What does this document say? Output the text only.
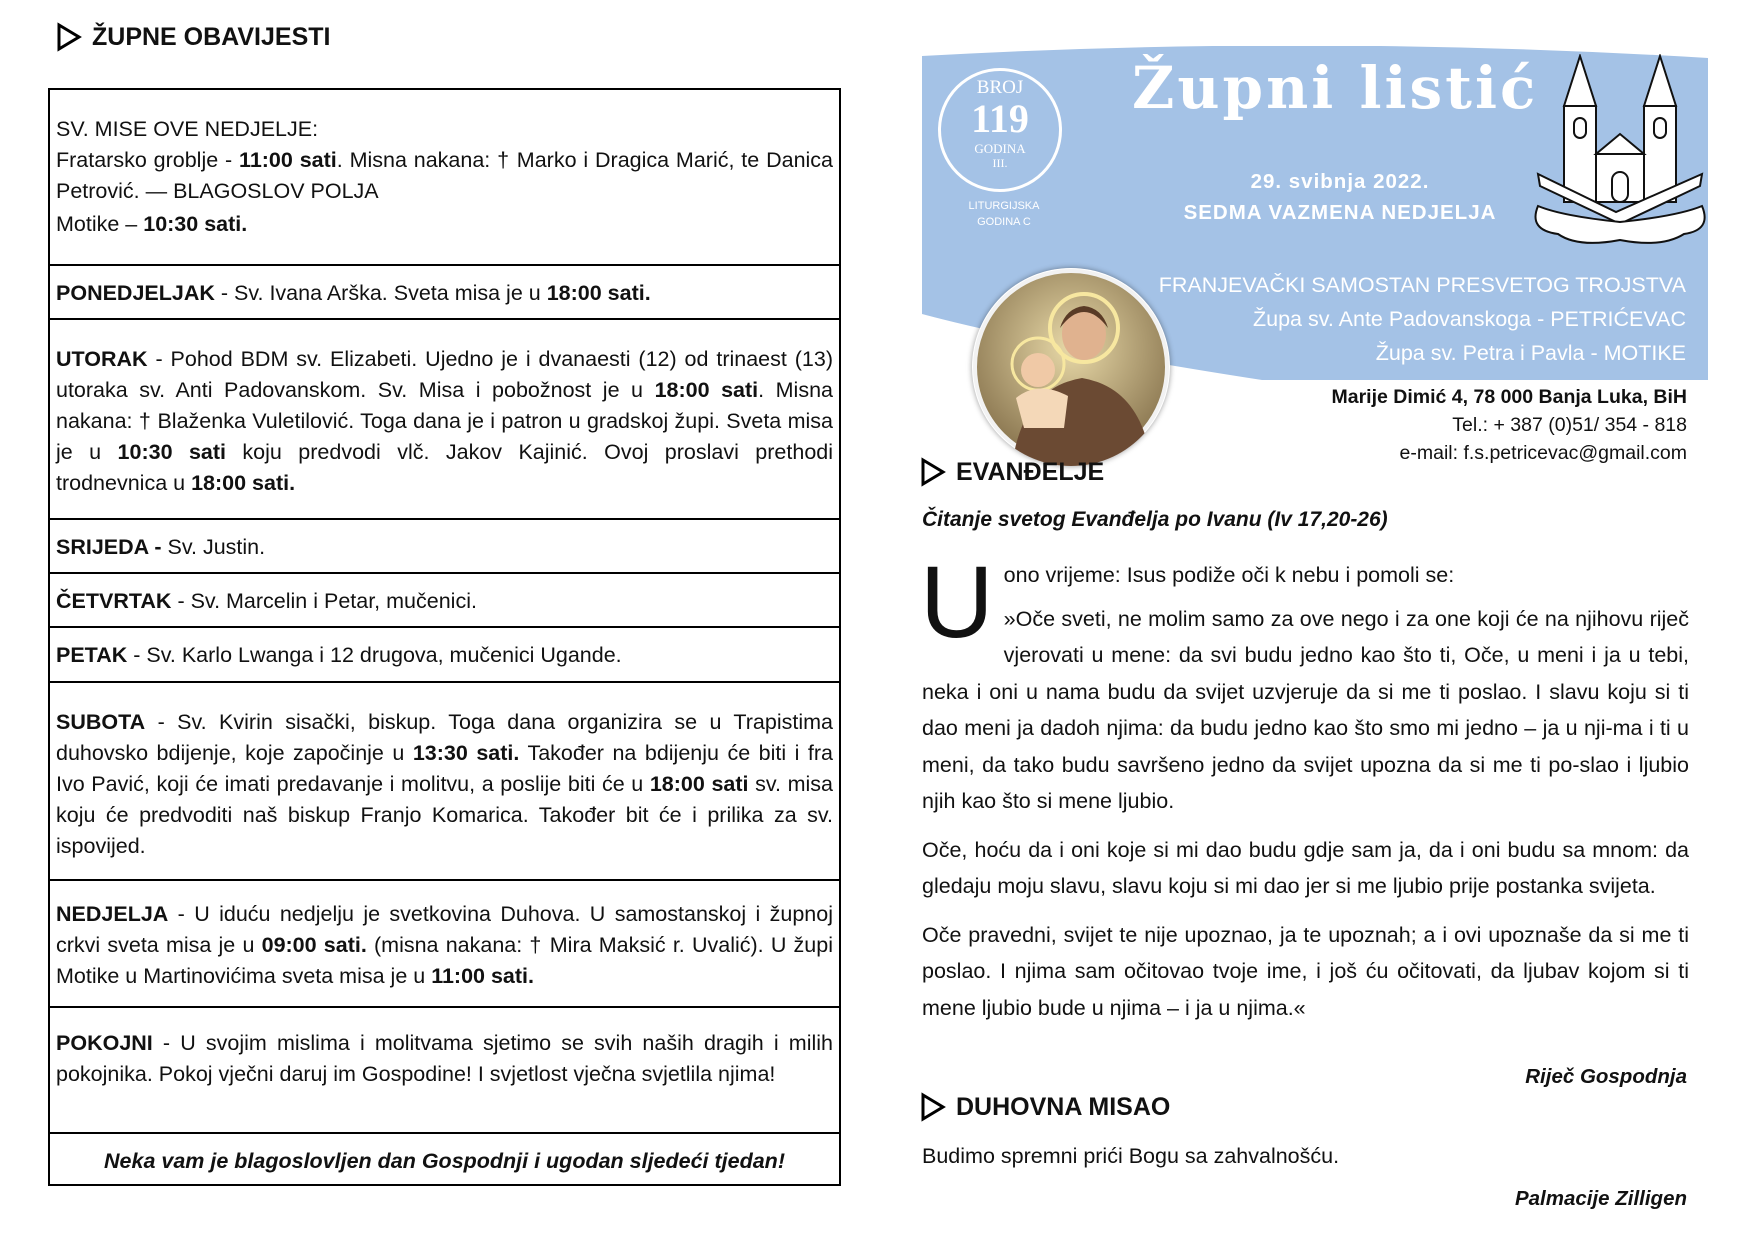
ŽUPNE OBAVIJESTI
SV. MISE OVE NEDJELJE:
Fratarsko groblje - 11:00 sati. Misna nakana: † Marko i Dragica Marić, te Danica Petrović. — BLAGOSLOV POLJA
Motike – 10:30 sati.
PONEDJELJAK - Sv. Ivana Arška. Sveta misa je u 18:00 sati.
UTORAK - Pohod BDM sv. Elizabeti. Ujedno je i dvanaesti (12) od trinaest (13) utoraka sv. Anti Padovanskom. Sv. Misa i pobožnost je u 18:00 sati. Misna nakana: † Blaženka Vuletilović. Toga dana je i patron u gradskoj župi. Sveta misa je u 10:30 sati koju predvodi vlč. Jakov Kajinić. Ovoj proslavi prethodi trodnevnica u 18:00 sati.
SRIJEDA - Sv. Justin.
ČETVRTAK - Sv. Marcelin i Petar, mučenici.
PETAK - Sv. Karlo Lwanga i 12 drugova, mučenici Ugande.
SUBOTA - Sv. Kvirin sisački, biskup. Toga dana organizira se u Trapistima duhovsko bdijenje, koje započinje u 13:30 sati. Također na bdijenju će biti i fra Ivo Pavić, koji će imati predavanje i molitvu, a poslije biti će u 18:00 sati sv. misa koju će predvoditi naš biskup Franjo Komarica. Također bit će i prilika za sv. ispovijed.
NEDJELJA - U iduću nedjelju je svetkovina Duhova. U samostanskoj i župnoj crkvi sveta misa je u 09:00 sati. (misna nakana: † Mira Maksić r. Uvalić). U župi Motike u Martinovićima sveta misa je u 11:00 sati.
POKOJNI - U svojim mislima i molitvama sjetimo se svih naših dragih i milih pokojnika. Pokoj vječni daruj im Gospodine! I svjetlost vječna svjetlila njima!
Neka vam je blagoslovljen dan Gospodnji i ugodan sljedeći tjedan!
Župni listić
BROJ
119
GODINA
III.
LITURGIJSKA
GODINA C
29. svibnja 2022.
SEDMA VAZMENA NEDJELJA
FRANJEVAČKI SAMOSTAN PRESVETOG TROJSTVA
Župa sv. Ante Padovanskoga - PETRIĆEVAC
Župa sv. Petra i Pavla - MOTIKE
Marije Dimić 4, 78 000 Banja Luka, BiH
Tel.: + 387 (0)51/ 354 - 818
e-mail: f.s.petricevac@gmail.com
EVANĐELJE
Čitanje svetog Evanđelja po Ivanu (Iv 17,20-26)
U ono vrijeme: Isus podiže oči k nebu i pomoli se:

»Oče sveti, ne molim samo za ove nego i za one koji će na njihovu riječ vjerovati u mene: da svi budu jedno kao što ti, Oče, u meni i ja u tebi, neka i oni u nama budu da svijet uzvjeruje da si me ti poslao. I slavu koju si ti dao meni ja dadoh njima: da budu jedno kao što smo mi jedno – ja u nji-ma i ti u meni, da tako budu savršeno jedno da svijet upozna da si me ti po-slao i ljubio njih kao što si mene ljubio.

Oče, hoću da i oni koje si mi dao budu gdje sam ja, da i oni budu sa mnom: da gledaju moju slavu, slavu koju si mi dao jer si me ljubio prije postanka svijeta.

Oče pravedni, svijet te nije upoznao, ja te upoznah; a i ovi upoznaše da si me ti poslao. I njima sam očitovao tvoje ime, i još ću očitovati, da ljubav kojom si ti mene ljubio bude u njima – i ja u njima.«

Riječ Gospodnja
DUHOVNA MISAO
Budimo spremni prići Bogu sa zahvalnošću.
Palmacije Zilligen
